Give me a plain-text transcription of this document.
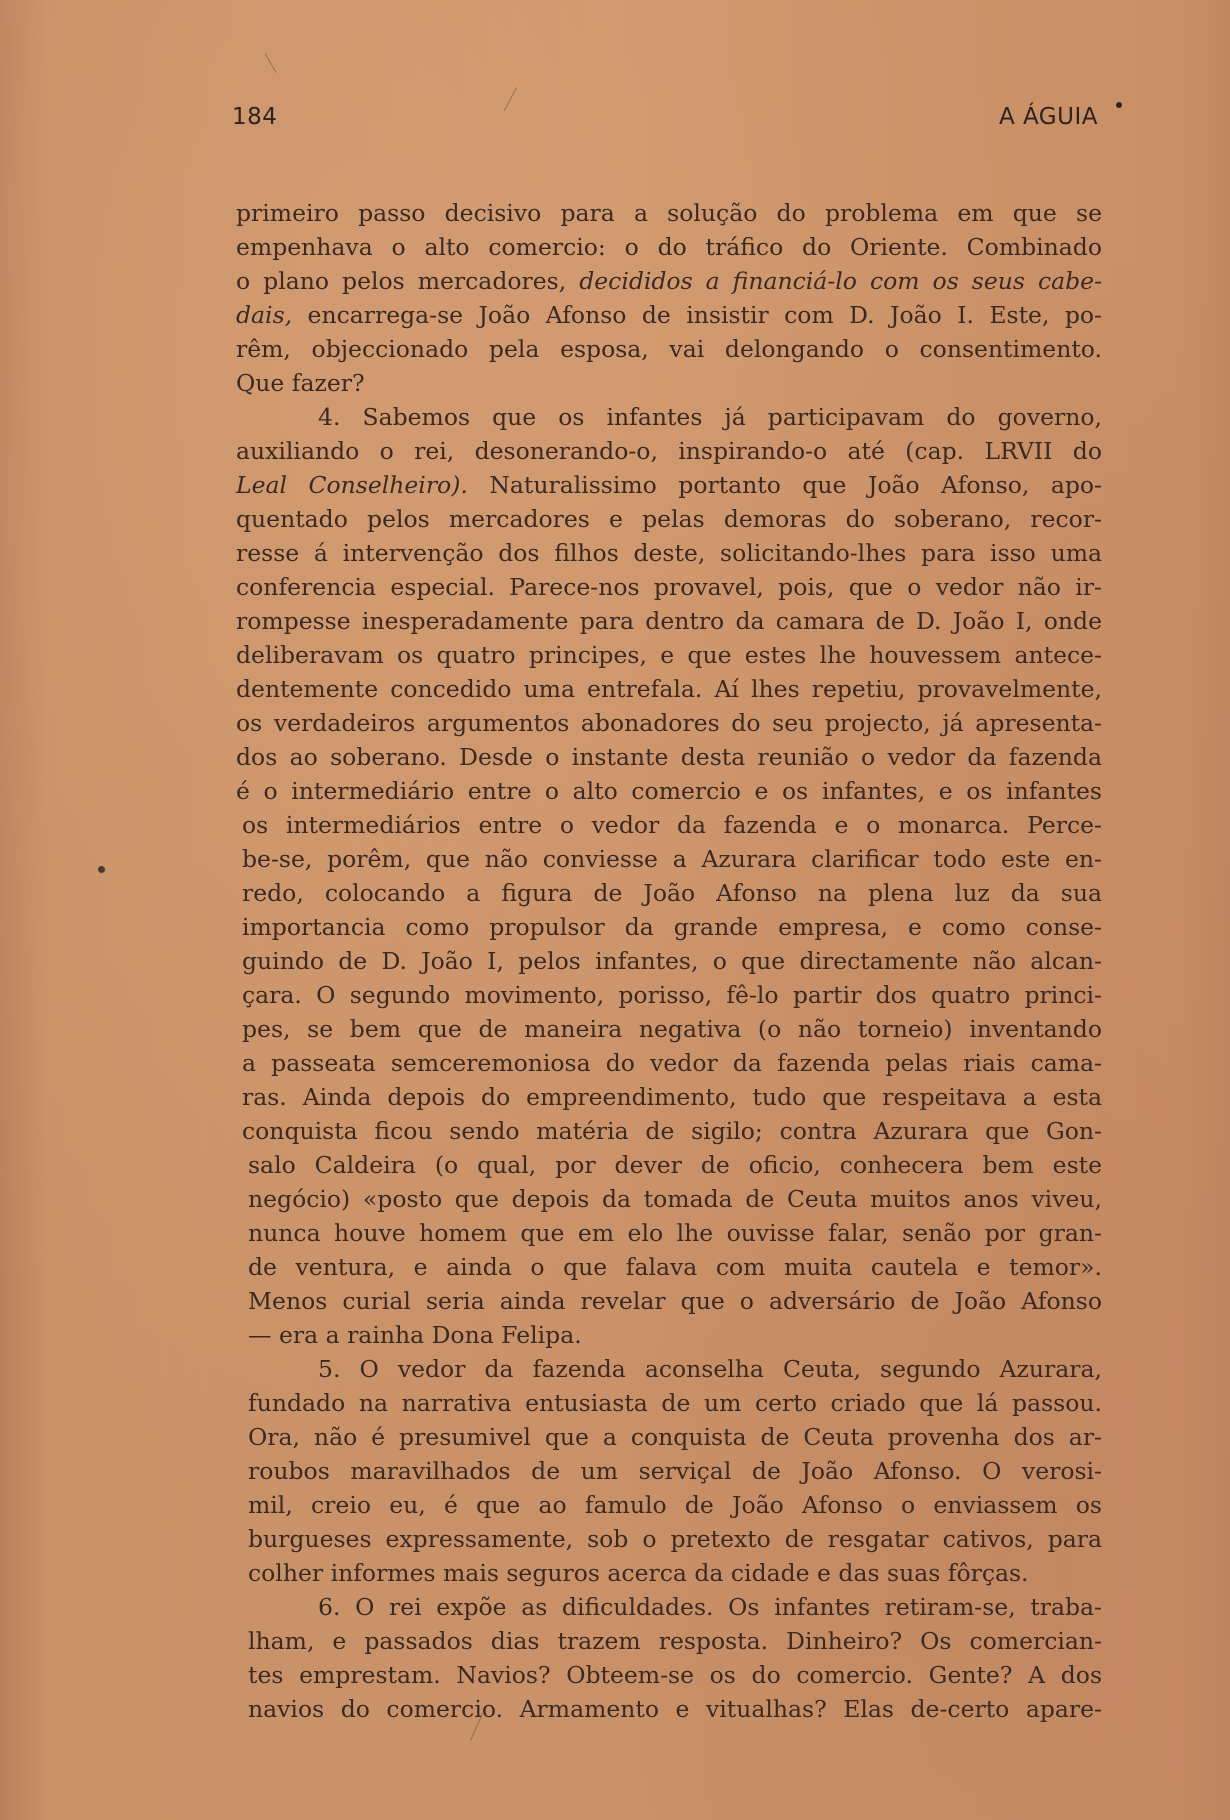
184	A ÁGUIA
primeiro passo decisivo para a solução do problema em que se
empenhava o alto comercio: o do tráfico do Oriente. Combinado
o plano pelos mercadores, decididos a financiá-lo com os seus cabe-
dais, encarrega-se João Afonso de insistir com D. João I. Este, po-
rêm, objeccionado pela esposa, vai delongando o consentimento.
Que fazer?
4. Sabemos que os infantes já participavam do governo,
auxiliando o rei, desonerando-o, inspirando-o até (cap. LRVII do
Leal Conselheiro). Naturalissimo portanto que João Afonso, apo-
quentado pelos mercadores e pelas demoras do soberano, recor-
resse á intervenção dos filhos deste, solicitando-lhes para isso uma
conferencia especial. Parece-nos provavel, pois, que o vedor não ir-
rompesse inesperadamente para dentro da camara de D. João I, onde
deliberavam os quatro principes, e que estes lhe houvessem antece-
dentemente concedido uma entrefala. Aí lhes repetiu, provavelmente,
os verdadeiros argumentos abonadores do seu projecto, já apresenta-
dos ao soberano. Desde o instante desta reunião o vedor da fazenda
é o intermediário entre o alto comercio e os infantes, e os infantes
os intermediários entre o vedor da fazenda e o monarca. Perce-
be-se, porêm, que não conviesse a Azurara clarificar todo este en-
redo, colocando a figura de João Afonso na plena luz da sua
importancia como propulsor da grande empresa, e como conse-
guindo de D. João I, pelos infantes, o que directamente não alcan-
çara. O segundo movimento, porisso, fê-lo partir dos quatro princi-
pes, se bem que de maneira negativa (o não torneio) inventando
a passeata semceremoniosa do vedor da fazenda pelas riais cama-
ras. Ainda depois do empreendimento, tudo que respeitava a esta
conquista ficou sendo matéria de sigilo; contra Azurara que Gon-
salo Caldeira (o qual, por dever de oficio, conhecera bem este
negócio) «posto que depois da tomada de Ceuta muitos anos viveu,
nunca houve homem que em elo lhe ouvisse falar, senão por gran-
de ventura, e ainda o que falava com muita cautela e temor».
Menos curial seria ainda revelar que o adversário de João Afonso
— era a rainha Dona Felipa.
5. O vedor da fazenda aconselha Ceuta, segundo Azurara,
fundado na narrativa entusiasta de um certo criado que lá passou.
Ora, não é presumivel que a conquista de Ceuta provenha dos ar-
roubos maravilhados de um serviçal de João Afonso. O verosi-
mil, creio eu, é que ao famulo de João Afonso o enviassem os
burgueses expressamente, sob o pretexto de resgatar cativos, para
colher informes mais seguros acerca da cidade e das suas fôrças.
6. O rei expõe as dificuldades. Os infantes retiram-se, traba-
lham, e passados dias trazem resposta. Dinheiro? Os comercian-
tes emprestam. Navios? Obteem-se os do comercio. Gente? A dos
navios do comercio. Armamento e vitualhas? Elas de-certo apare-
